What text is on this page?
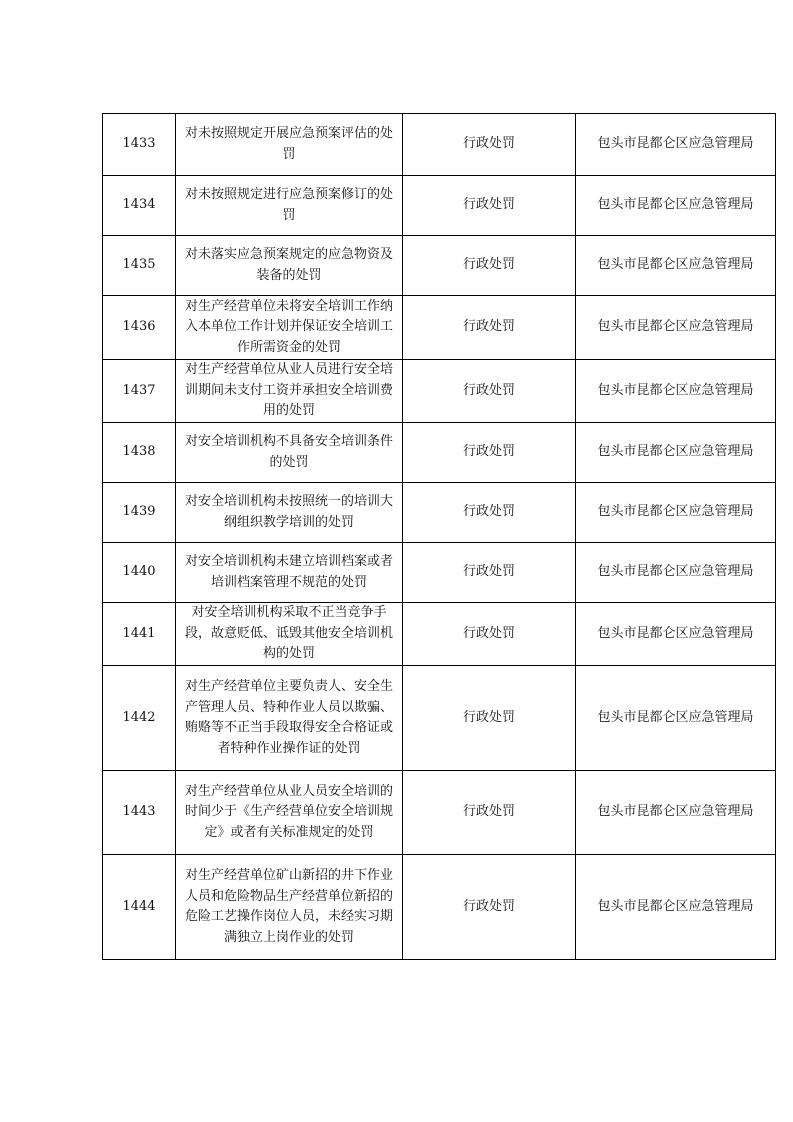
1433	对未按照规定开展应急预案评估的处罚	行政处罚	包头市昆都仑区应急管理局
1434	对未按照规定进行应急预案修订的处罚	行政处罚	包头市昆都仑区应急管理局
1435	对未落实应急预案规定的应急物资及装备的处罚	行政处罚	包头市昆都仑区应急管理局
1436	对生产经营单位未将安全培训工作纳入本单位工作计划并保证安全培训工作所需资金的处罚	行政处罚	包头市昆都仑区应急管理局
1437	对生产经营单位从业人员进行安全培训期间未支付工资并承担安全培训费用的处罚	行政处罚	包头市昆都仑区应急管理局
1438	对安全培训机构不具备安全培训条件的处罚	行政处罚	包头市昆都仑区应急管理局
1439	对安全培训机构未按照统一的培训大纲组织教学培训的处罚	行政处罚	包头市昆都仑区应急管理局
1440	对安全培训机构未建立培训档案或者培训档案管理不规范的处罚	行政处罚	包头市昆都仑区应急管理局
1441	对安全培训机构采取不正当竞争手段，故意贬低、诋毁其他安全培训机构的处罚	行政处罚	包头市昆都仑区应急管理局
1442	对生产经营单位主要负责人、安全生产管理人员、特种作业人员以欺骗、贿赂等不正当手段取得安全合格证或者特种作业操作证的处罚	行政处罚	包头市昆都仑区应急管理局
1443	对生产经营单位从业人员安全培训的时间少于《生产经营单位安全培训规定》或者有关标准规定的处罚	行政处罚	包头市昆都仑区应急管理局
1444	对生产经营单位矿山新招的井下作业人员和危险物品生产经营单位新招的危险工艺操作岗位人员，未经实习期满独立上岗作业的处罚	行政处罚	包头市昆都仑区应急管理局
